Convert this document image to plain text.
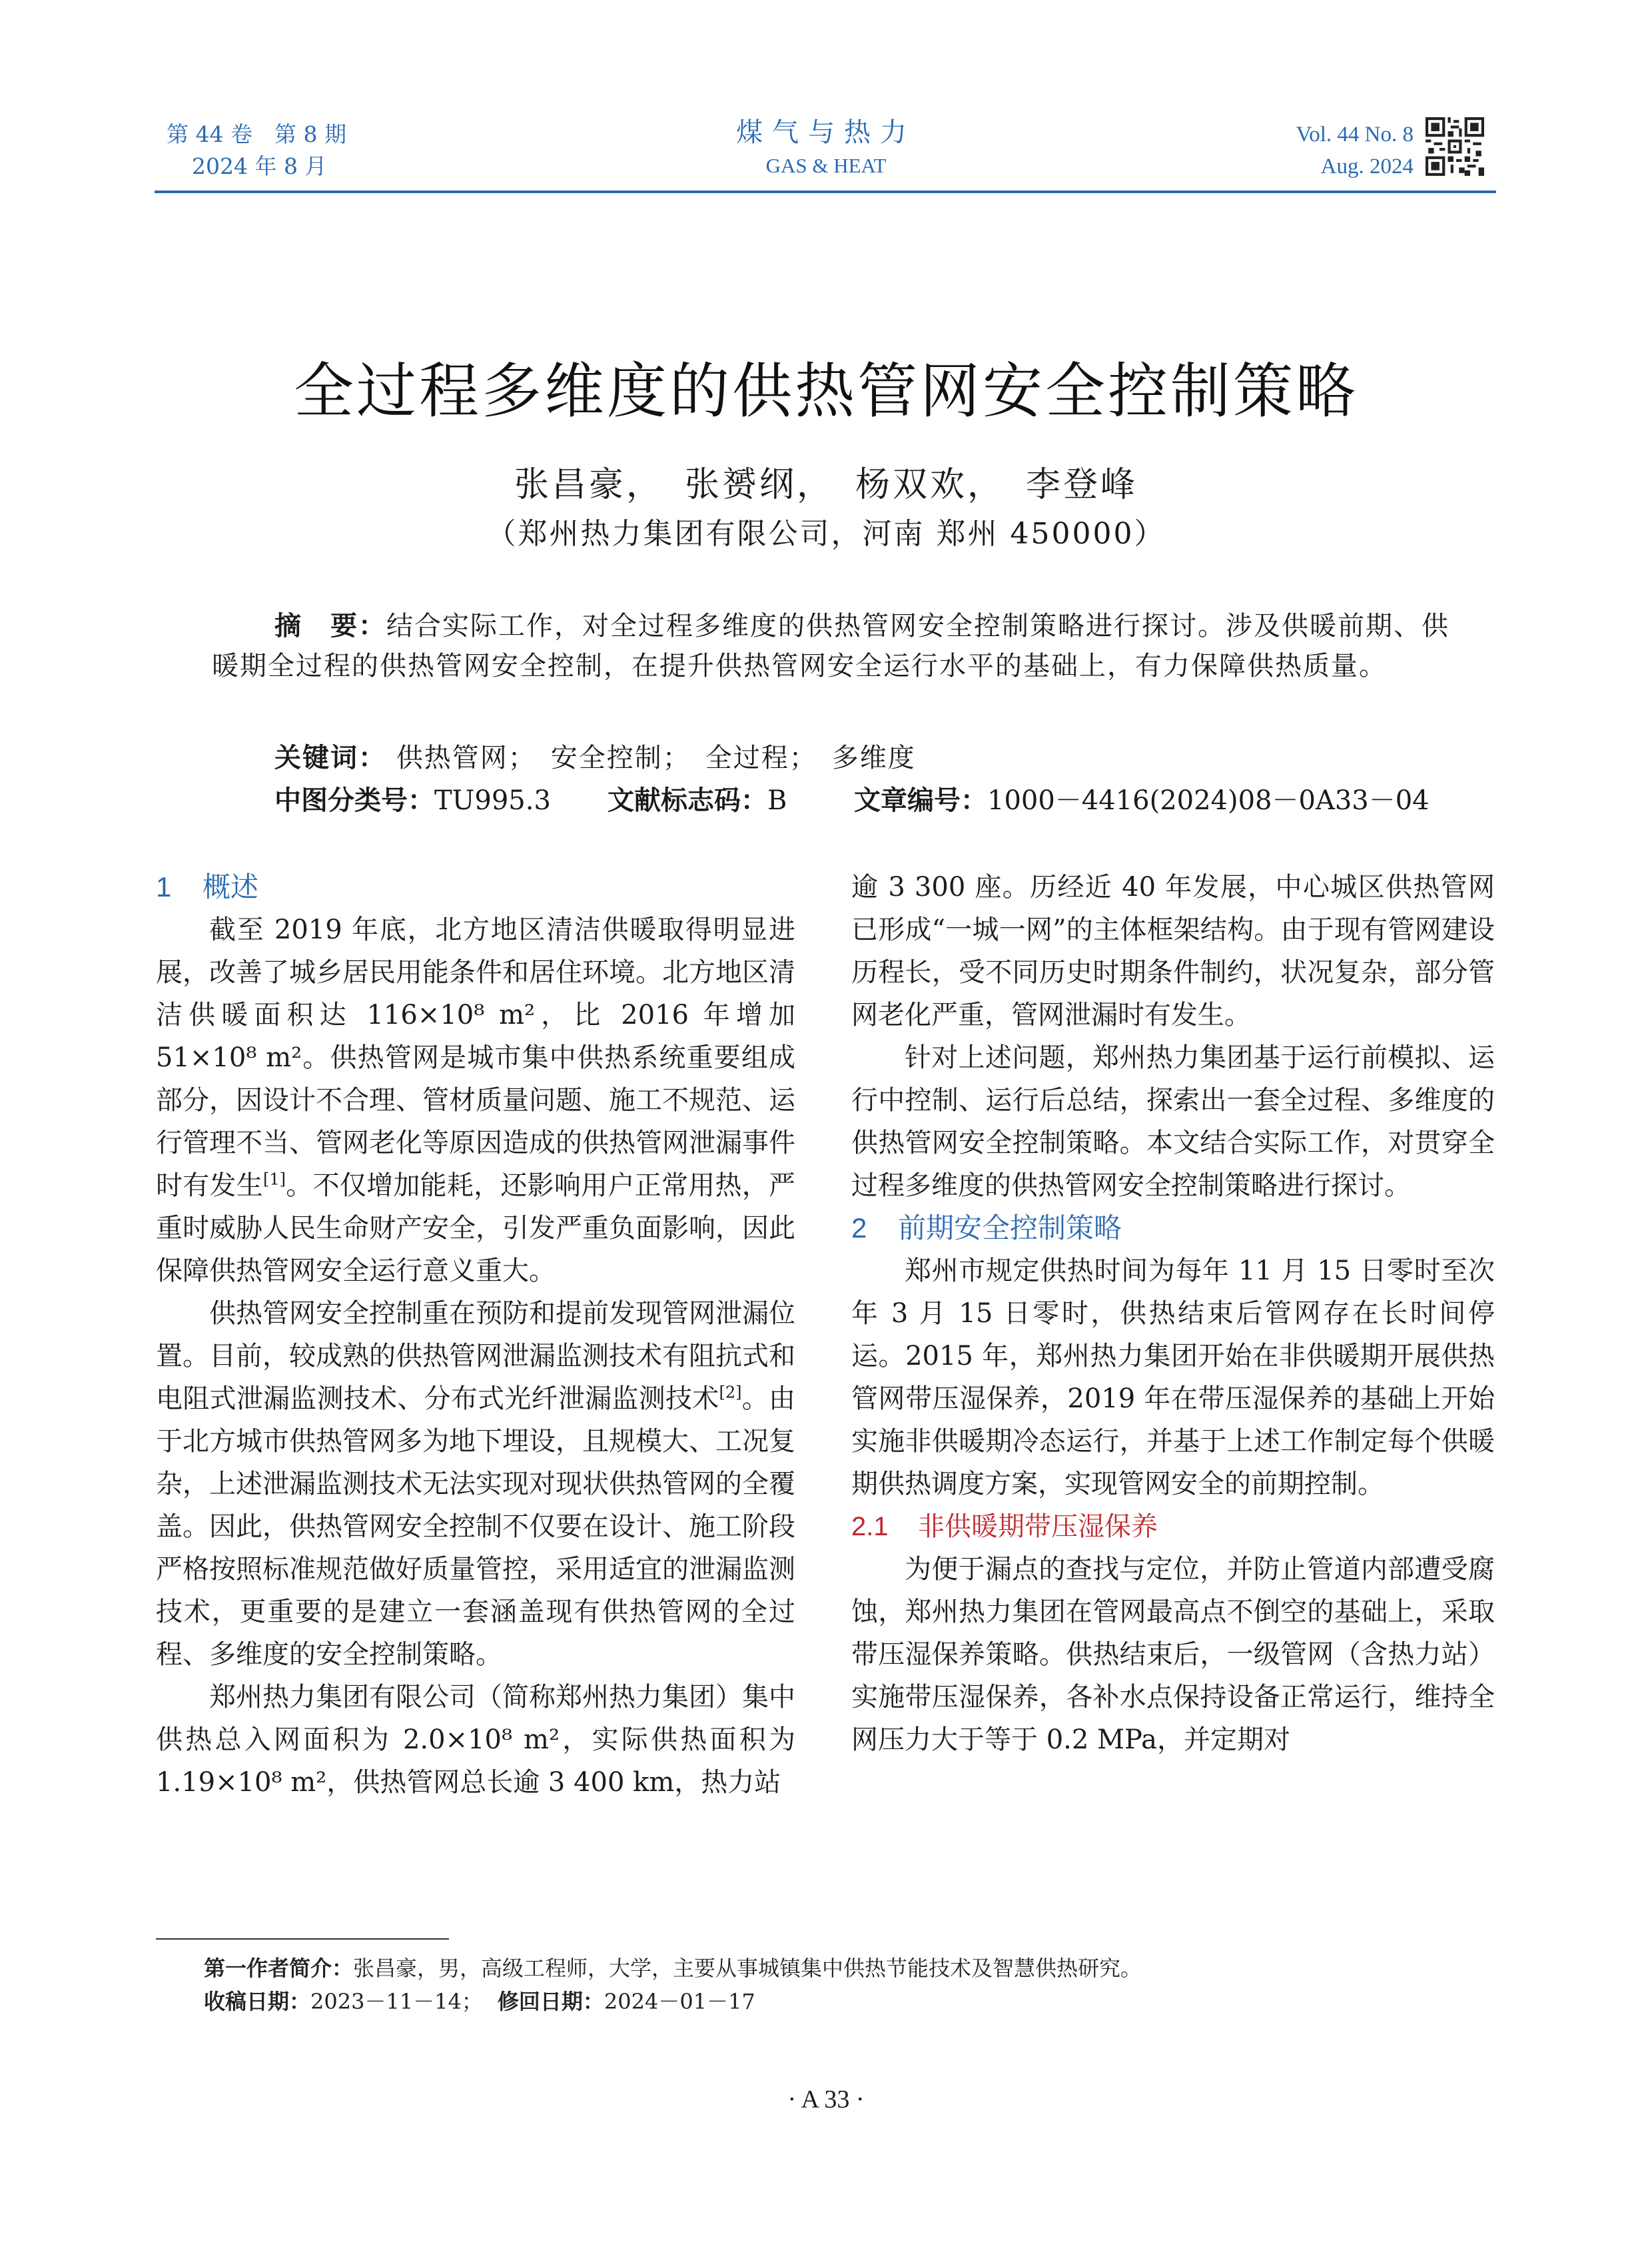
第 44 卷　第 8 期
2024 年 8 月
煤气与热力
GAS & HEAT
Vol. 44 No. 8
Aug. 2024
全过程多维度的供热管网安全控制策略
张昌豪， 张赟纲， 杨双欢， 李登峰
（郑州热力集团有限公司，河南 郑州 450000）
摘　要：结合实际工作，对全过程多维度的供热管网安全控制策略进行探讨。涉及供暖前期、供暖期全过程的供热管网安全控制，在提升供热管网安全运行水平的基础上，有力保障供热质量。
关键词： 供热管网； 安全控制； 全过程； 多维度
中图分类号：TU995.3 文献标志码：B	文章编号：1000－4416(2024)08－0A33－04

1 概述

截至 2019 年底，北方地区清洁供暖取得明显进展，改善了城乡居民用能条件和居住环境。北方地区清洁供暖面积达 116×10⁸ m²，比 2016 年增加 51×10⁸ m²。供热管网是城市集中供热系统重要组成部分，因设计不合理、管材质量问题、施工不规范、运行管理不当、管网老化等原因造成的供热管网泄漏事件时有发生[1]。不仅增加能耗，还影响用户正常用热，严重时威胁人民生命财产安全，引发严重负面影响，因此保障供热管网安全运行意义重大。

供热管网安全控制重在预防和提前发现管网泄漏位置。目前，较成熟的供热管网泄漏监测技术有阻抗式和电阻式泄漏监测技术、分布式光纤泄漏监测技术[2]。由于北方城市供热管网多为地下埋设，且规模大、工况复杂，上述泄漏监测技术无法实现对现状供热管网的全覆盖。因此，供热管网安全控制不仅要在设计、施工阶段严格按照标准规范做好质量管控，采用适宜的泄漏监测技术，更重要的是建立一套涵盖现有供热管网的全过程、多维度的安全控制策略。

郑州热力集团有限公司（简称郑州热力集团）集中供热总入网面积为 2.0×10⁸ m²，实际供热面积为 1.19×10⁸ m²，供热管网总长逾 3 400 km，热力站

逾 3 300 座。历经近 40 年发展，中心城区供热管网已形成“一城一网”的主体框架结构。由于现有管网建设历程长，受不同历史时期条件制约，状况复杂，部分管网老化严重，管网泄漏时有发生。

针对上述问题，郑州热力集团基于运行前模拟、运行中控制、运行后总结，探索出一套全过程、多维度的供热管网安全控制策略。本文结合实际工作，对贯穿全过程多维度的供热管网安全控制策略进行探讨。

2 前期安全控制策略

郑州市规定供热时间为每年 11 月 15 日零时至次年 3 月 15 日零时，供热结束后管网存在长时间停运。2015 年，郑州热力集团开始在非供暖期开展供热管网带压湿保养，2019 年在带压湿保养的基础上开始实施非供暖期冷态运行，并基于上述工作制定每个供暖期供热调度方案，实现管网安全的前期控制。

2.1 非供暖期带压湿保养

为便于漏点的查找与定位，并防止管道内部遭受腐蚀，郑州热力集团在管网最高点不倒空的基础上，采取带压湿保养策略。供热结束后，一级管网（含热力站）实施带压湿保养，各补水点保持设备正常运行，维持全网压力大于等于 0.2 MPa，并定期对

第一作者简介：张昌豪，男，高级工程师，大学，主要从事城镇集中供热节能技术及智慧供热研究。
收稿日期：2023－11－14； 修回日期：2024－01－17
· A 33 ·
